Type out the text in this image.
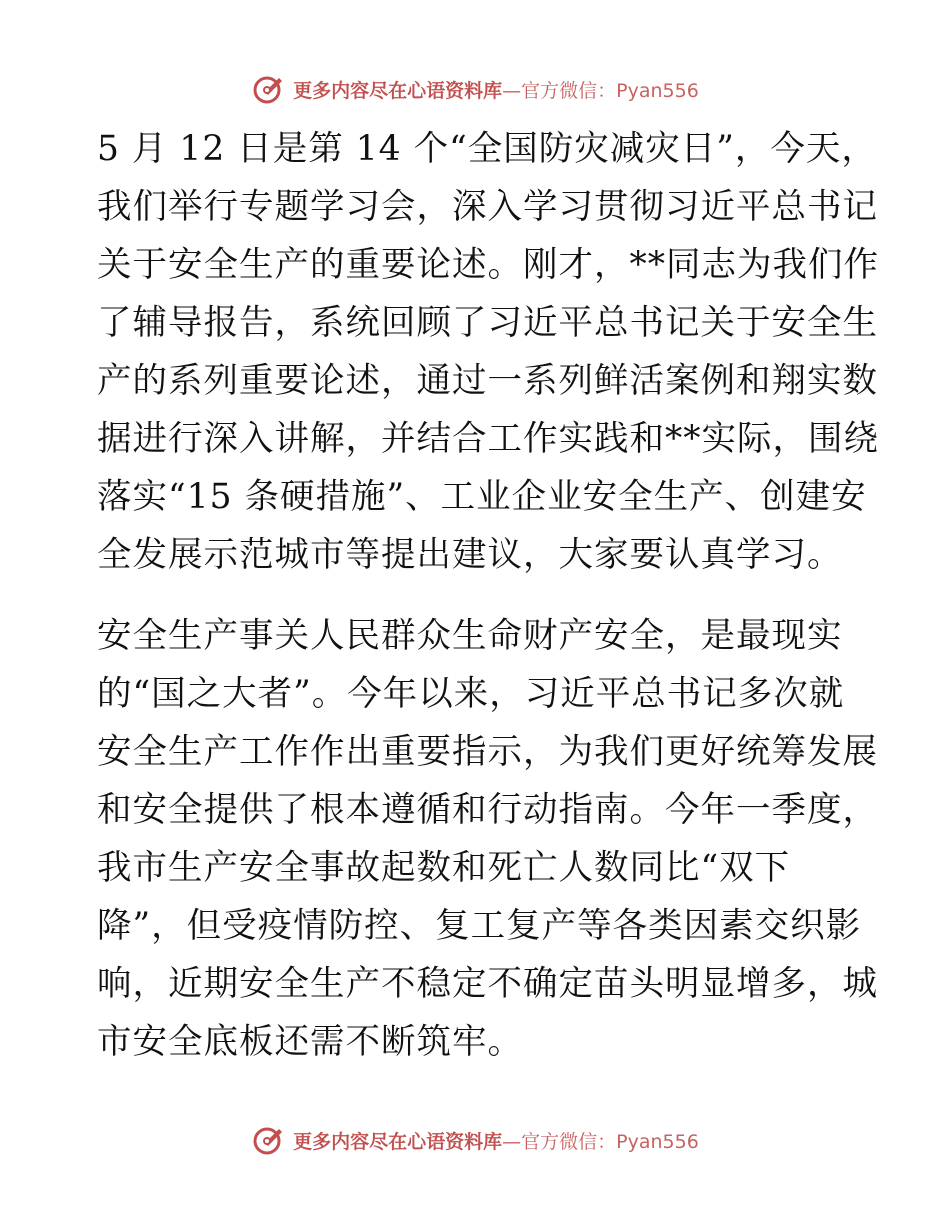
更多内容尽在心语资料库—官方微信：Pyan556

5 月 12 日是第 14 个“全国防灾减灾日”，今天，
我们举行专题学习会，深入学习贯彻习近平总书记
关于安全生产的重要论述。刚才，**同志为我们作
了辅导报告，系统回顾了习近平总书记关于安全生
产的系列重要论述，通过一系列鲜活案例和翔实数
据进行深入讲解，并结合工作实践和**实际，围绕
落实“15 条硬措施”、工业企业安全生产、创建安
全发展示范城市等提出建议，大家要认真学习。

安全生产事关人民群众生命财产安全，是最现实
的“国之大者”。今年以来，习近平总书记多次就
安全生产工作作出重要指示，为我们更好统筹发展
和安全提供了根本遵循和行动指南。今年一季度，
我市生产安全事故起数和死亡人数同比“双下
降”，但受疫情防控、复工复产等各类因素交织影
响，近期安全生产不稳定不确定苗头明显增多，城
市安全底板还需不断筑牢。

更多内容尽在心语资料库—官方微信：Pyan556
